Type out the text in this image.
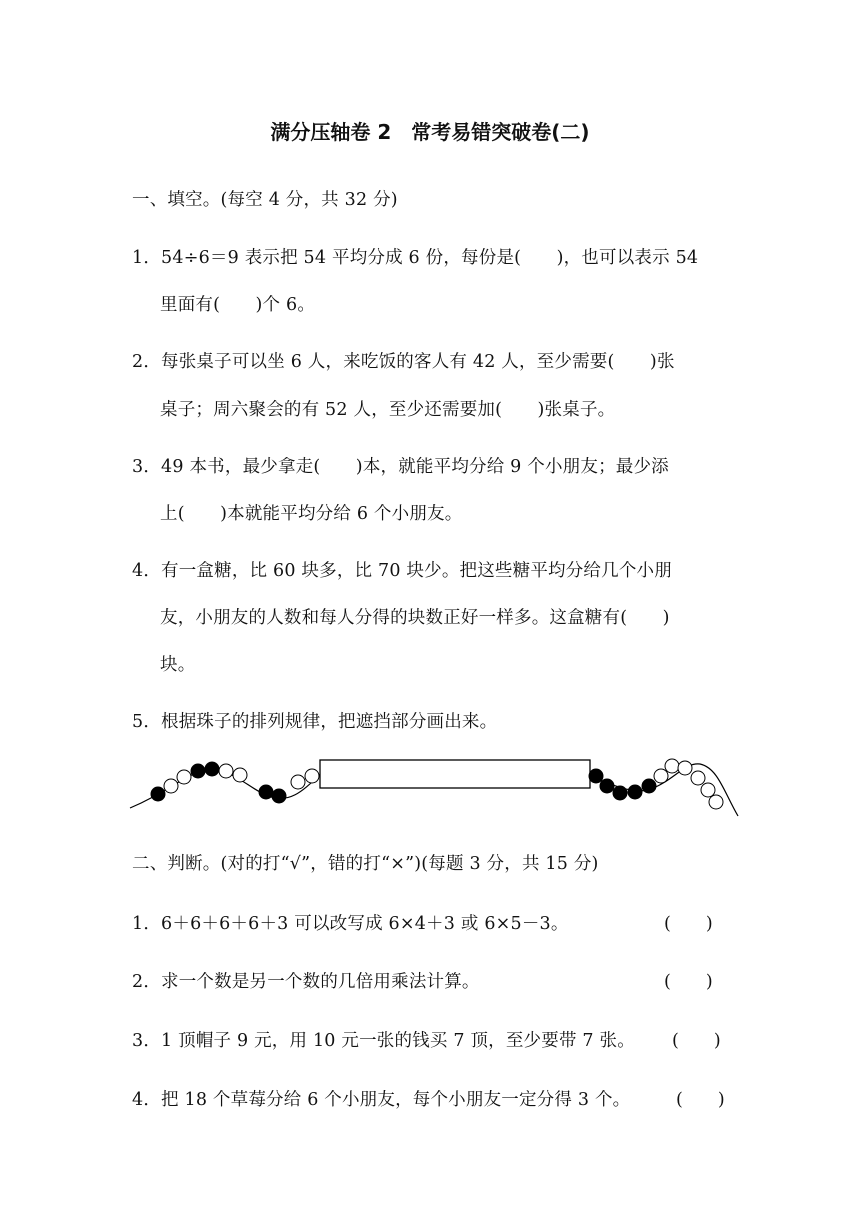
满分压轴卷 2　常考易错突破卷(二)
一、填空。(每空 4 分，共 32 分)
1．54÷6＝9 表示把 54 平均分成 6 份，每份是(　　)，也可以表示 54
里面有(　　)个 6。
2．每张桌子可以坐 6 人，来吃饭的客人有 42 人，至少需要(　　)张
桌子；周六聚会的有 52 人，至少还需要加(　　)张桌子。
3．49 本书，最少拿走(　　)本，就能平均分给 9 个小朋友；最少添
上(　　)本就能平均分给 6 个小朋友。
4．有一盒糖，比 60 块多，比 70 块少。把这些糖平均分给几个小朋
友，小朋友的人数和每人分得的块数正好一样多。这盒糖有(　　)
块。
5．根据珠子的排列规律，把遮挡部分画出来。
二、判断。(对的打“√”，错的打“×”)(每题 3 分，共 15 分)
1．6＋6＋6＋6＋3 可以改写成 6×4＋3 或 6×5－3。	(　　)
2．求一个数是另一个数的几倍用乘法计算。	(　　)
3．1 顶帽子 9 元，用 10 元一张的钱买 7 顶，至少要带 7 张。 (　　)
4．把 18 个草莓分给 6 个小朋友，每个小朋友一定分得 3 个。	(　　)
